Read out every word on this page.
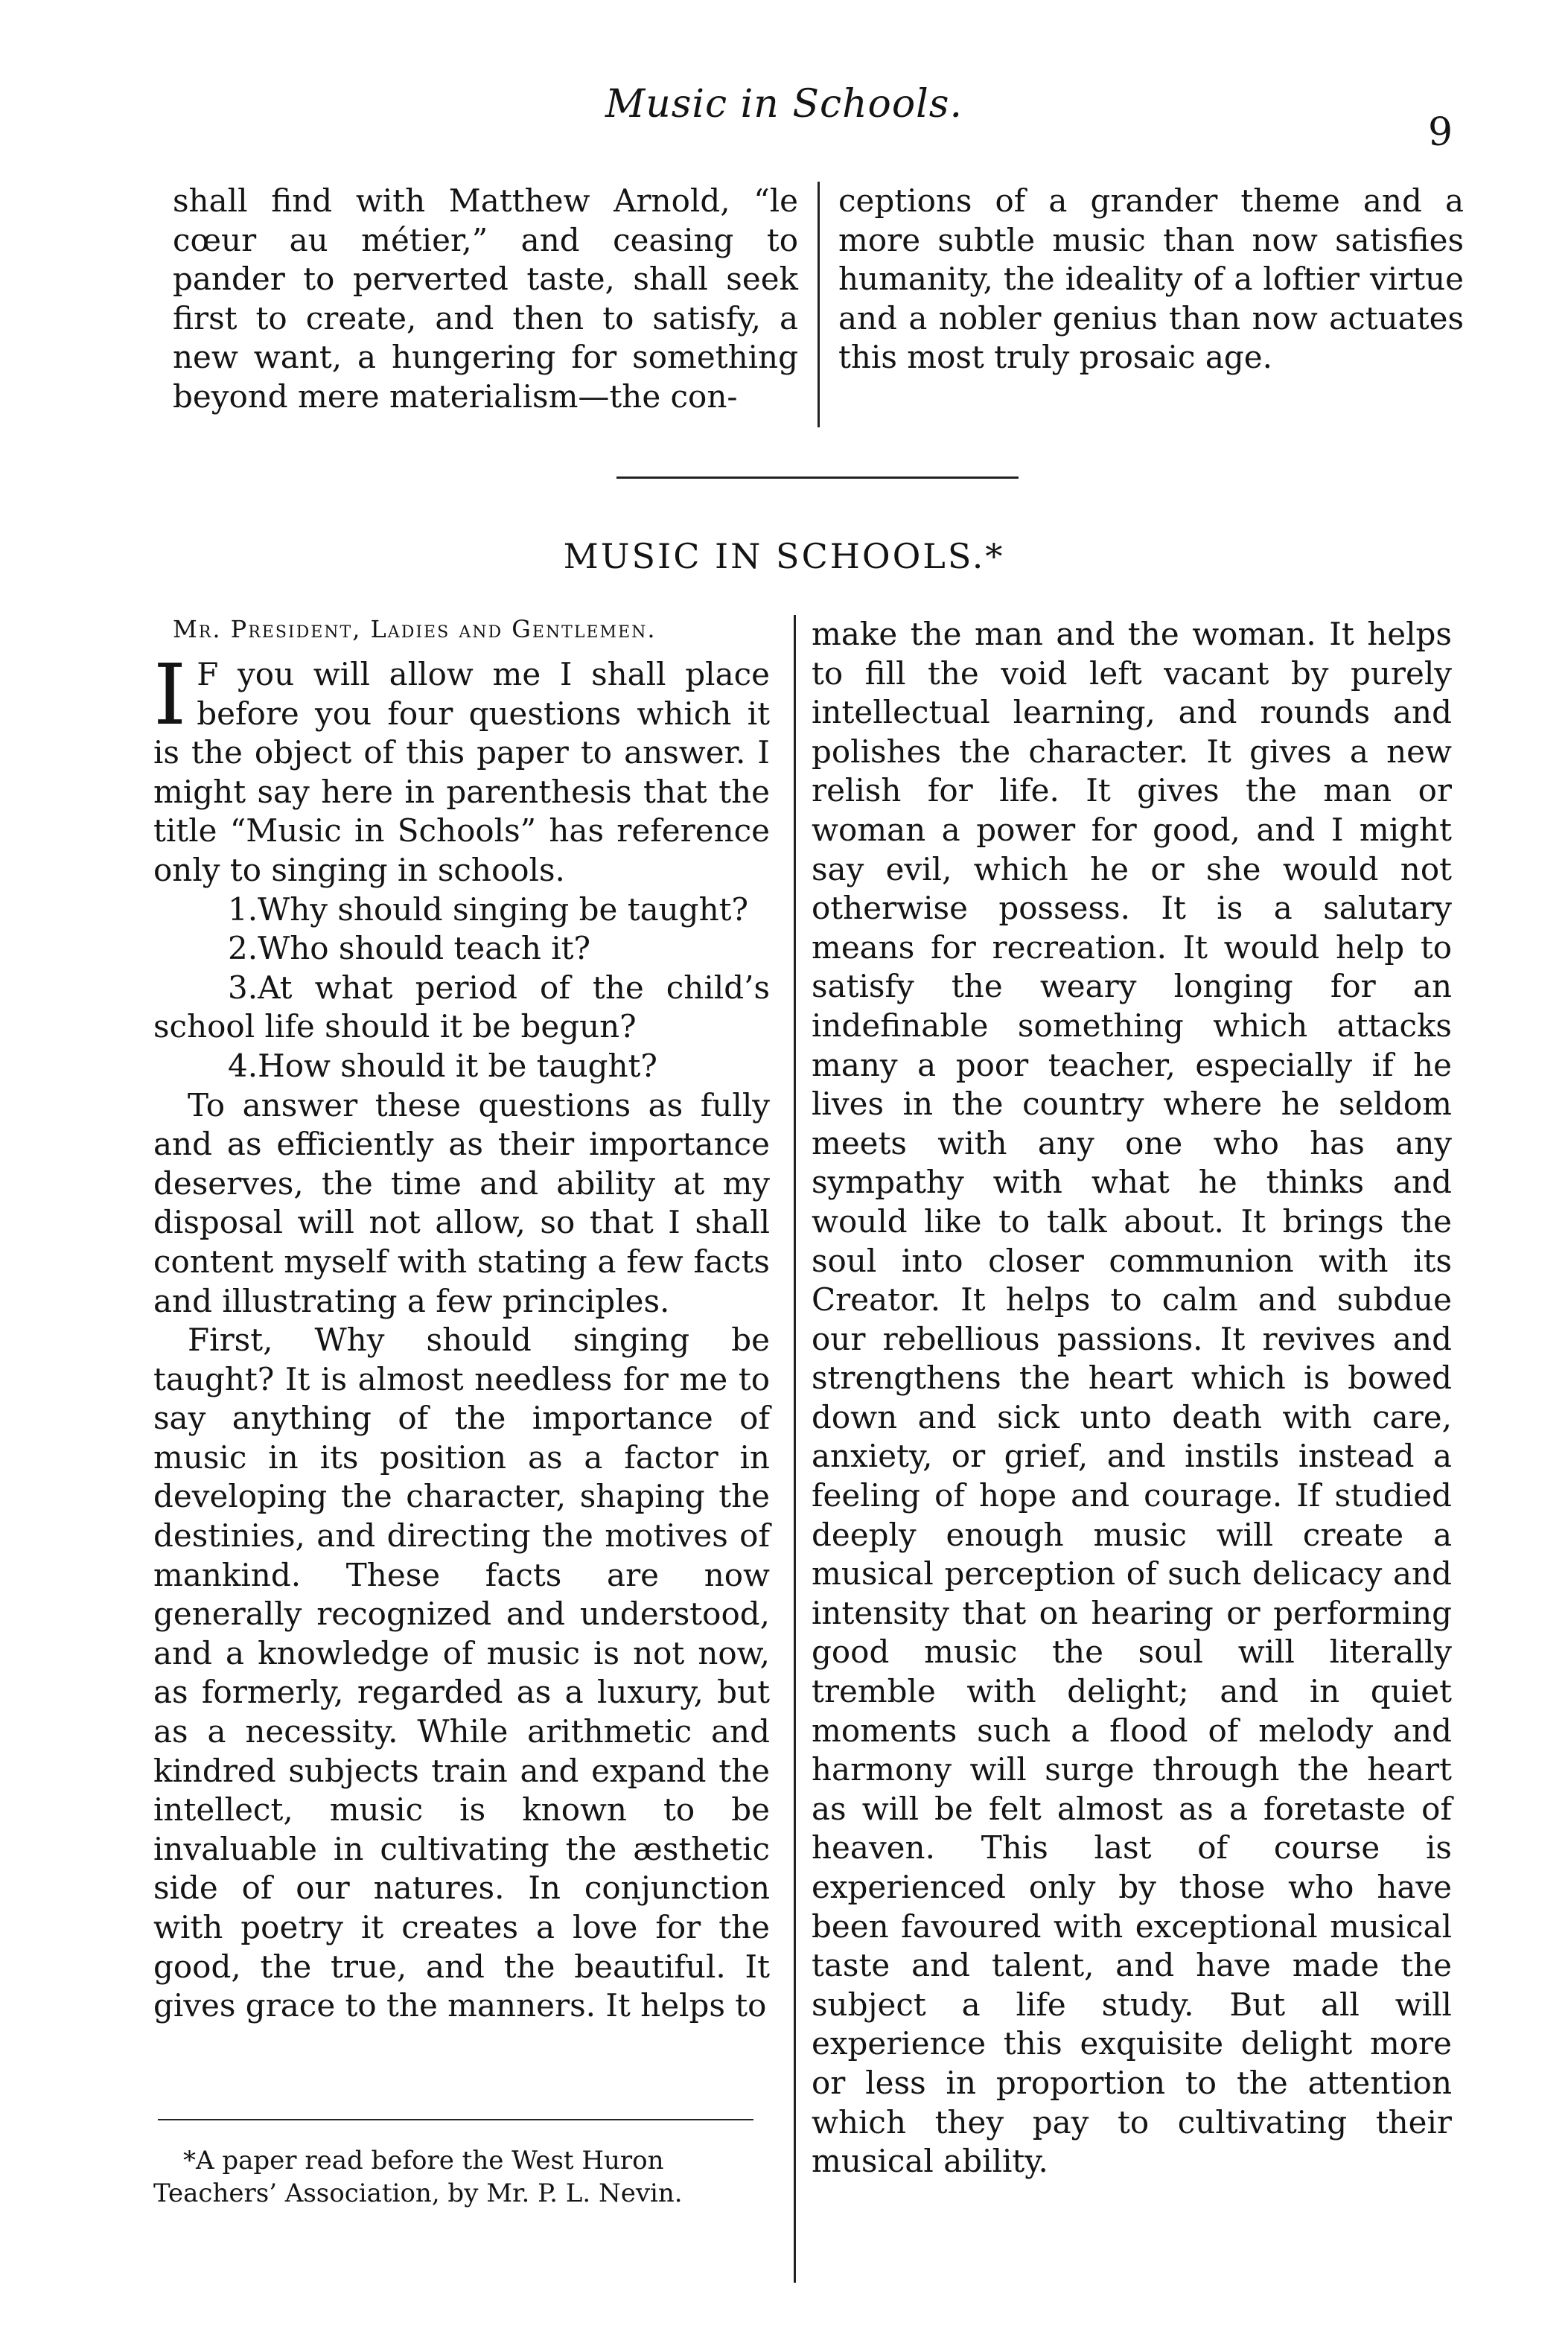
Music in Schools.
9

shall find with Matthew Arnold, “le cœur au métier,” and ceasing to pander to perverted taste, shall seek first to create, and then to satisfy, a new want, a hungering for something beyond mere materialism—the con-

ceptions of a grander theme and a more subtle music than now satisfies humanity, the ideality of a loftier virtue and a nobler genius than now actuates this most truly prosaic age.

MUSIC IN SCHOOLS.*
Mr. President, Ladies and Gentlemen.

I F you will allow me I shall place before you four questions which it is the object of this paper to answer. I might say here in parenthesis that the title “Music in Schools” has reference only to singing in schools.

1.Why should singing be taught?

2.Who should teach it?

3.At what period of the child’s school life should it be begun?

4.How should it be taught?

To answer these questions as fully and as efficiently as their importance deserves, the time and ability at my disposal will not allow, so that I shall content myself with stating a few facts and illustrating a few principles.

First, Why should singing be taught? It is almost needless for me to say anything of the importance of music in its position as a factor in developing the character, shaping the destinies, and directing the motives of mankind. These facts are now generally recognized and understood, and a knowledge of music is not now, as formerly, regarded as a luxury, but as a necessity. While arithmetic and kindred subjects train and expand the intellect, music is known to be invaluable in cultivating the æsthetic side of our natures. In conjunction with poetry it creates a love for the good, the true, and the beautiful. It gives grace to the manners. It helps to

make the man and the woman. It helps to fill the void left vacant by purely intellectual learning, and rounds and polishes the character. It gives a new relish for life. It gives the man or woman a power for good, and I might say evil, which he or she would not otherwise possess. It is a salutary means for recreation. It would help to satisfy the weary longing for an indefinable something which attacks many a poor teacher, especially if he lives in the country where he seldom meets with any one who has any sympathy with what he thinks and would like to talk about. It brings the soul into closer communion with its Creator. It helps to calm and subdue our rebellious passions. It revives and strengthens the heart which is bowed down and sick unto death with care, anxiety, or grief, and instils instead a feeling of hope and courage. If studied deeply enough music will create a musical perception of such delicacy and intensity that on hearing or performing good music the soul will literally tremble with delight; and in quiet moments such a flood of melody and harmony will surge through the heart as will be felt almost as a foretaste of heaven. This last of course is experienced only by those who have been favoured with exceptional musical taste and talent, and have made the subject a life study. But all will experience this exquisite delight more or less in proportion to the attention which they pay to cultivating their musical ability.

*A paper read before the West Huron Teachers’ Association, by Mr. P. L. Nevin.
